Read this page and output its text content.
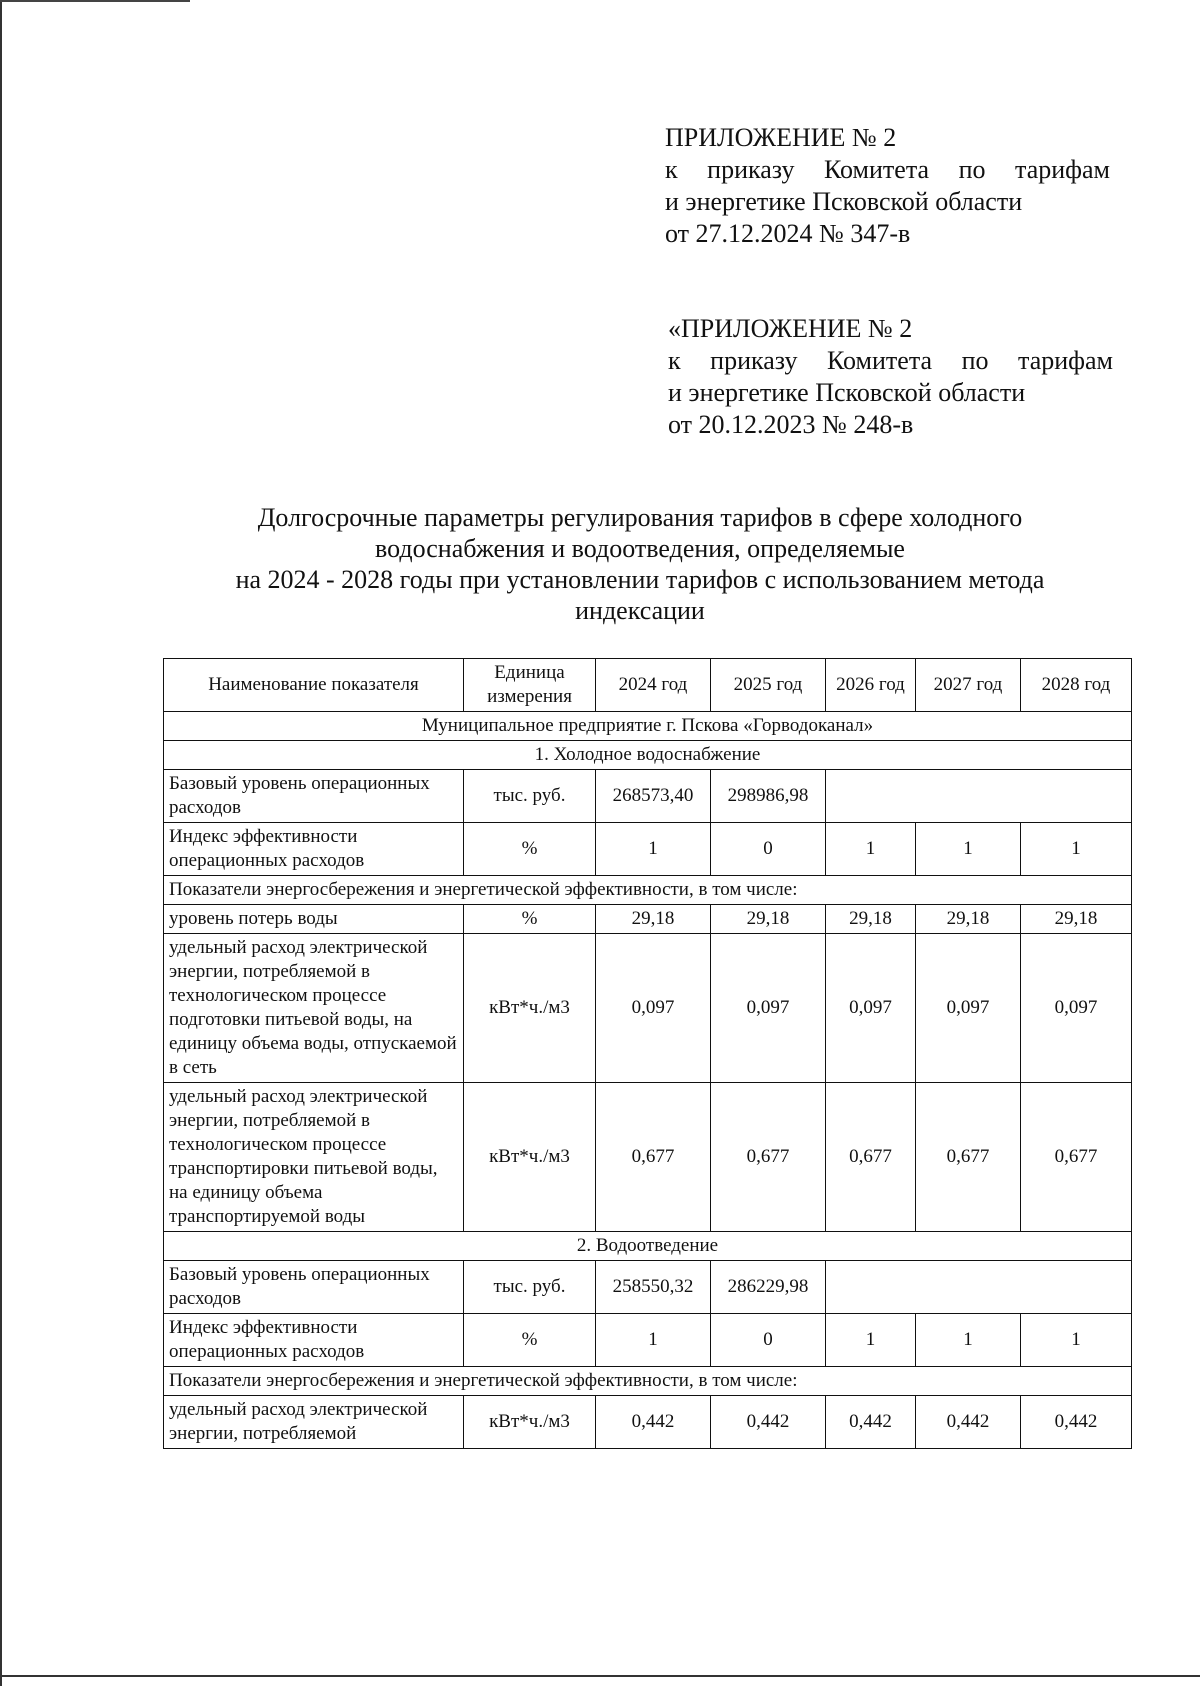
ПРИЛОЖЕНИЕ № 2
к приказу Комитета по тарифам
и энергетике Псковской области
от 27.12.2024 № 347-в
«ПРИЛОЖЕНИЕ № 2
к приказу Комитета по тарифам
и энергетике Псковской области
от 20.12.2023 № 248-в
Долгосрочные параметры регулирования тарифов в сфере холодного
водоснабжения и водоотведения, определяемые
на 2024 - 2028 годы при установлении тарифов с использованием метода
индексации
Наименование показателя	Единица измерения	2024 год	2025 год	2026 год	2027 год	2028 год
Муниципальное предприятие г. Пскова «Горводоканал»						
1. Холодное водоснабжение						
Базовый уровень операционных расходов	тыс. руб.	268573,40	298986,98			
Индекс эффективности операционных расходов	%	1	0	1	1	1
Показатели энергосбережения и энергетической эффективности, в том числе:						
уровень потерь воды	%	29,18	29,18	29,18	29,18	29,18
удельный расход электрической энергии, потребляемой в технологическом процессе подготовки питьевой воды, на единицу объема воды, отпускаемой в сеть	кВт*ч./м3	0,097	0,097	0,097	0,097	0,097
удельный расход электрической энергии, потребляемой в технологическом процессе транспортировки питьевой воды, на единицу объема транспортируемой воды	кВт*ч./м3	0,677	0,677	0,677	0,677	0,677
2. Водоотведение						
Базовый уровень операционных расходов	тыс. руб.	258550,32	286229,98			
Индекс эффективности операционных расходов	%	1	0	1	1	1
Показатели энергосбережения и энергетической эффективности, в том числе:						
удельный расход электрической энергии, потребляемой	кВт*ч./м3	0,442	0,442	0,442	0,442	0,442
